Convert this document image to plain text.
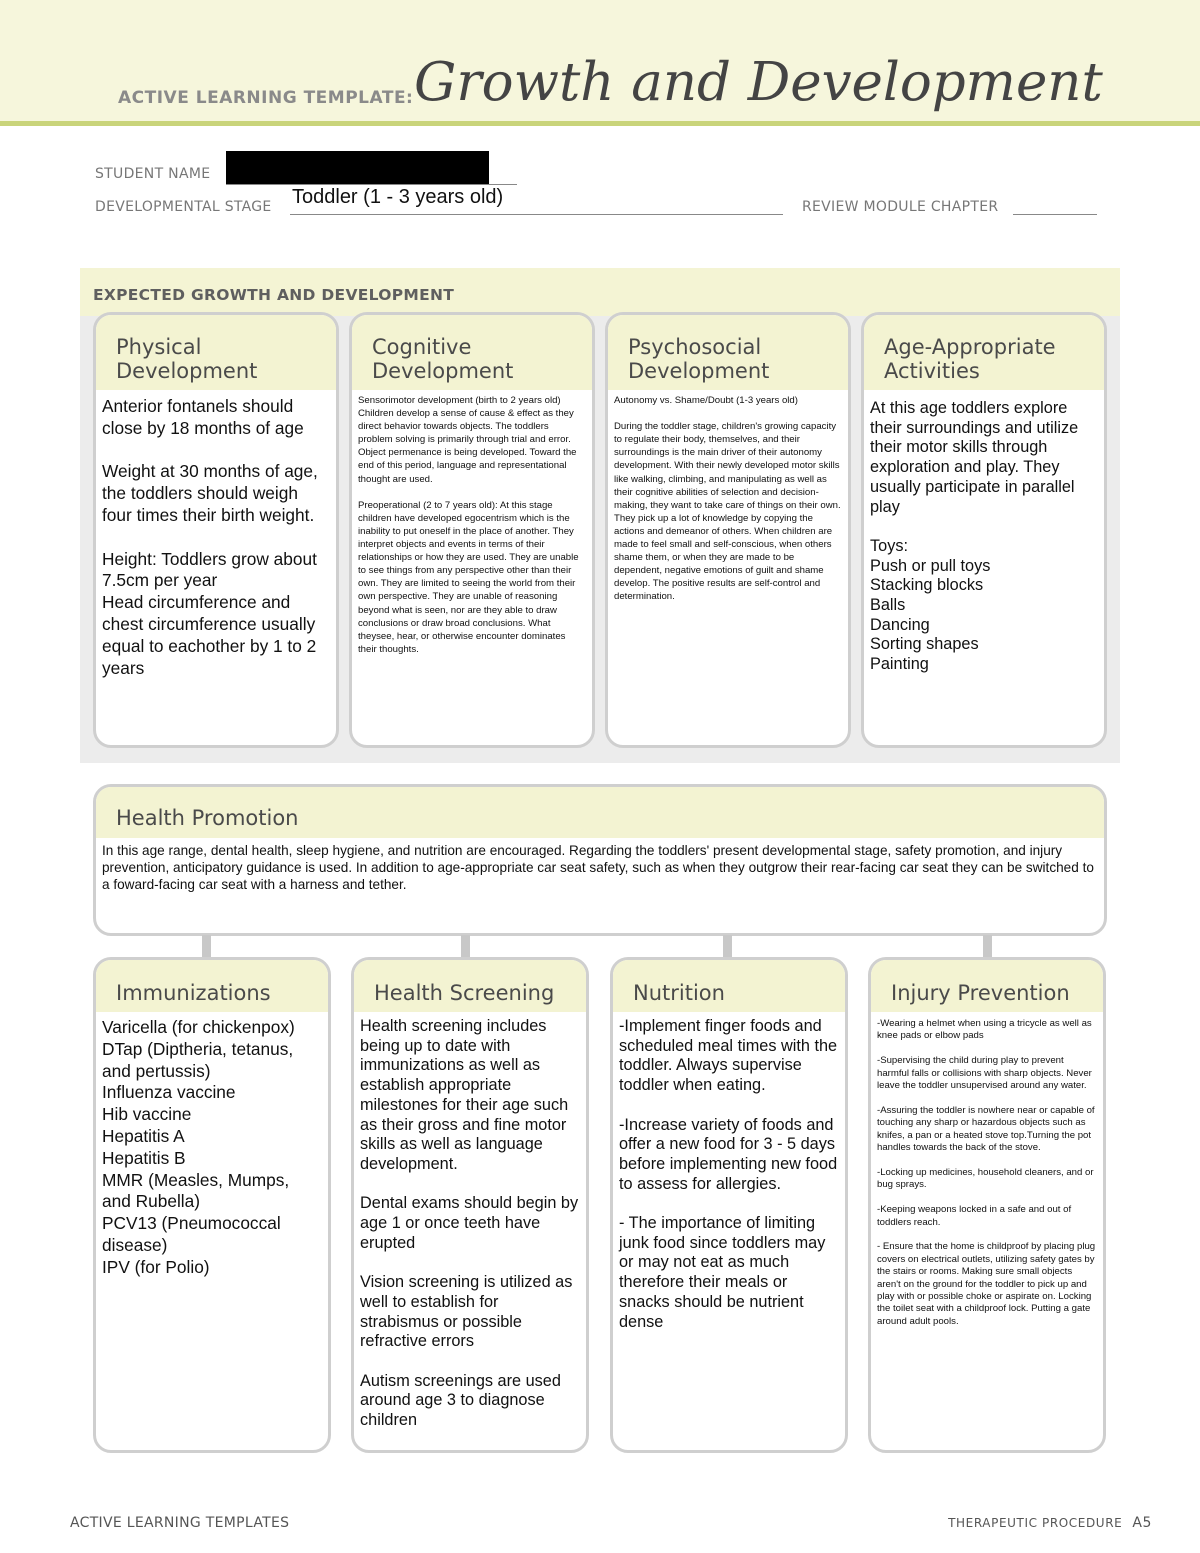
ACTIVE LEARNING TEMPLATE: Growth and Development
STUDENT NAME
DEVELOPMENTAL STAGE Toddler (1 - 3 years old)	REVIEW MODULE CHAPTER
EXPECTED GROWTH AND DEVELOPMENT
Physical
Development
Anterior fontanels should close by 18 months of age

Weight at 30 months of age, the toddlers should weigh four times their birth weight.

Height: Toddlers grow about 7.5cm per year
Head circumference and chest circumference usually equal to eachother by 1 to 2 years
Cognitive
Development
Sensorimotor development (birth to 2 years old) Children develop a sense of cause & effect as they direct behavior towards objects. The toddlers problem solving is primarily through trial and error. Object permenance is being developed. Toward the end of this period, language and representational thought are used.

Preoperational (2 to 7 years old): At this stage children have developed egocentrism which is the inability to put oneself in the place of another. They interpret objects and events in terms of their relationships or how they are used. They are unable to see things from any perspective other than their own. They are limited to seeing the world from their own perspective. They are unable of reasoning beyond what is seen, nor are they able to draw conclusions or draw broad conclusions. What theysee, hear, or otherwise encounter dominates their thoughts.
Psychosocial
Development
Autonomy vs. Shame/Doubt (1-3 years old)

During the toddler stage, children's growing capacity to regulate their body, themselves, and their surroundings is the main driver of their autonomy development. With their newly developed motor skills like walking, climbing, and manipulating as well as their cognitive abilities of selection and decision-making, they want to take care of things on their own. They pick up a lot of knowledge by copying the actions and demeanor of others. When children are made to feel small and self-conscious, when others shame them, or when they are made to be dependent, negative emotions of guilt and shame develop. The positive results are self-control and determination.
Age-Appropriate
Activities
At this age toddlers explore their surroundings and utilize their motor skills through exploration and play. They usually participate in parallel play

Toys:
Push or pull toys
Stacking blocks
Balls
Dancing
Sorting shapes
Painting
Health Promotion
In this age range, dental health, sleep hygiene, and nutrition are encouraged. Regarding the toddlers' present developmental stage, safety promotion, and injury prevention, anticipatory guidance is used. In addition to age-appropriate car seat safety, such as when they outgrow their rear-facing car seat they can be switched to a foward-facing car seat with a harness and tether.
Immunizations
Varicella (for chickenpox)
DTap (Diptheria, tetanus, and pertussis)
Influenza vaccine
Hib vaccine
Hepatitis A
Hepatitis B
MMR (Measles, Mumps, and Rubella)
PCV13 (Pneumococcal disease)
IPV (for Polio)
Health Screening
Health screening includes being up to date with immunizations as well as establish appropriate milestones for their age such as their gross and fine motor skills as well as language development.

Dental exams should begin by age 1 or once teeth have erupted

Vision screening is utilized as well to establish for strabismus or possible refractive errors

Autism screenings are used around age 3 to diagnose children
Nutrition
-Implement finger foods and scheduled meal times with the toddler. Always supervise toddler when eating.

-Increase variety of foods and offer a new food for 3 - 5 days before implementing new food to assess for allergies.

- The importance of limiting junk food since toddlers may or may not eat as much therefore their meals or snacks should be nutrient dense
Injury Prevention
-Wearing a helmet when using a tricycle as well as knee pads or elbow pads

-Supervising the child during play to prevent harmful falls or collisions with sharp objects. Never leave the toddler unsupervised around any water.

-Assuring the toddler is nowhere near or capable of touching any sharp or hazardous objects such as knifes, a pan or a heated stove top.Turning the pot handles towards the back of the stove.

-Locking up medicines, household cleaners, and or bug sprays.

-Keeping weapons locked in a safe and out of toddlers reach.

- Ensure that the home is childproof by placing plug covers on electrical outlets, utilizing safety gates by the stairs or rooms. Making sure small objects aren't on the ground for the toddler to pick up and play with or possible choke or aspirate on. Locking the toilet seat with a childproof lock. Putting a gate around adult pools.
ACTIVE LEARNING TEMPLATES	THERAPEUTIC PROCEDURE A5
